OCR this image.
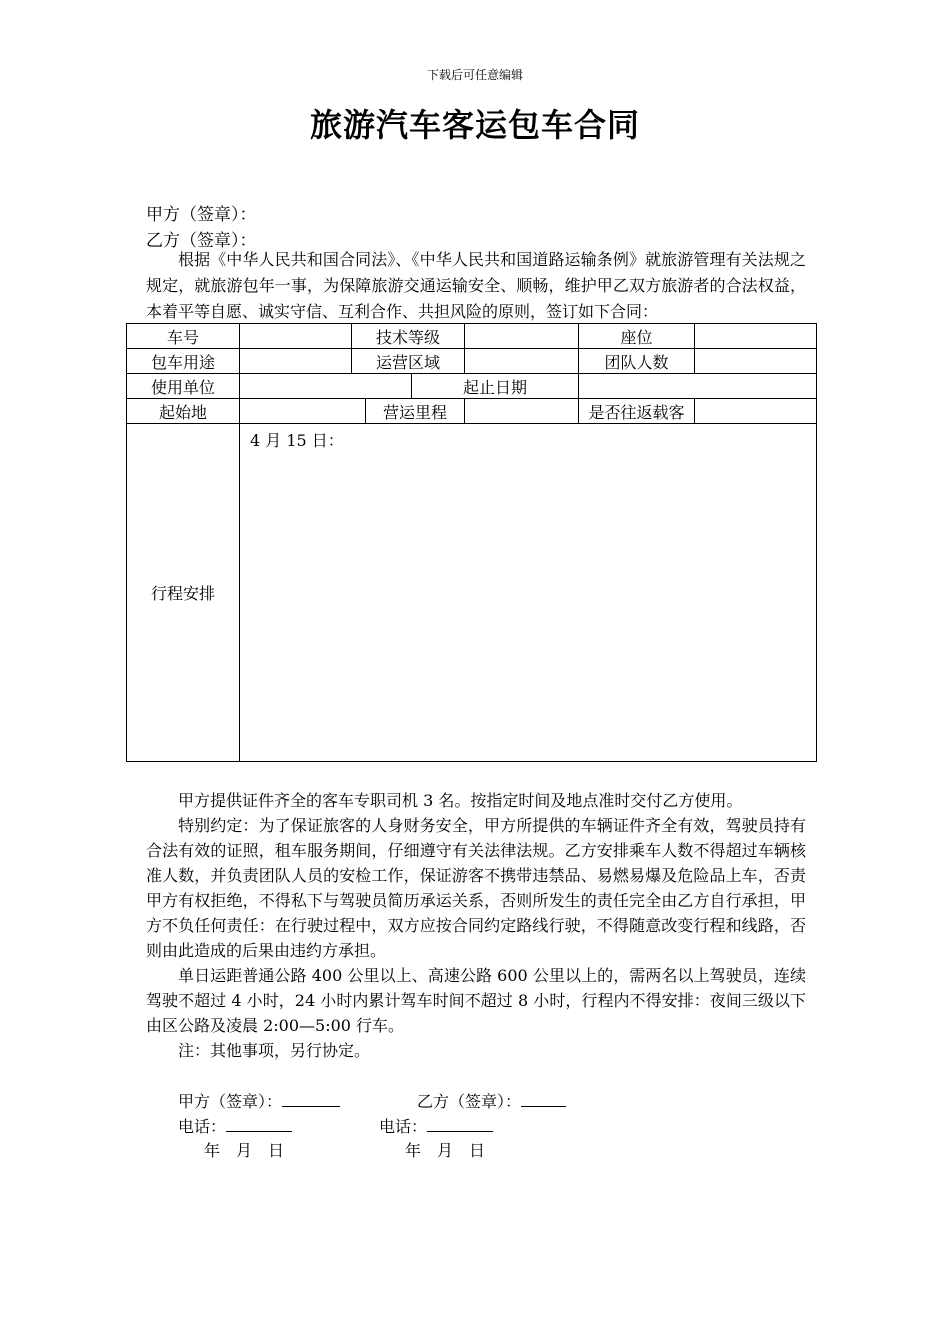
下载后可任意编辑
旅游汽车客运包车合同
甲方（签章）：
乙方（签章）：
根据《中华人民共和国合同法》、《中华人民共和国道路运输条例》就旅游管理有关法规之规定，就旅游包年一事，为保障旅游交通运输安全、顺畅，维护甲乙双方旅游者的合法权益，本着平等自愿、诚实守信、互利合作、共担风险的原则，签订如下合同：
车号		技术等级				座位	
包车用途		运营区域				团队人数	
使用单位				起止日期			
起始地			营运里程			是否往返载客	
行程安排	4 月 15 日：						

甲方提供证件齐全的客车专职司机 3 名。按指定时间及地点准时交付乙方使用。

特别约定：为了保证旅客的人身财务安全，甲方所提供的车辆证件齐全有效，驾驶员持有合法有效的证照，租车服务期间，仔细遵守有关法律法规。乙方安排乘车人数不得超过车辆核准人数，并负责团队人员的安检工作，保证游客不携带违禁品、易燃易爆及危险品上车，否责甲方有权拒绝，不得私下与驾驶员简历承运关系，否则所发生的责任完全由乙方自行承担，甲方不负任何责任：在行驶过程中，双方应按合同约定路线行驶，不得随意改变行程和线路，否则由此造成的后果由违约方承担。

单日运距普通公路 400 公里以上、高速公路 600 公里以上的，需两名以上驾驶员，连续驾驶不超过 4 小时，24 小时内累计驾车时间不超过 8 小时，行程内不得安排：夜间三级以下由区公路及凌晨 2:00—5:00 行车。

注：其他事项，另行协定。

甲方（签章）：	乙方（签章）：
电话：	电话：
年　月　日	年　月　日
